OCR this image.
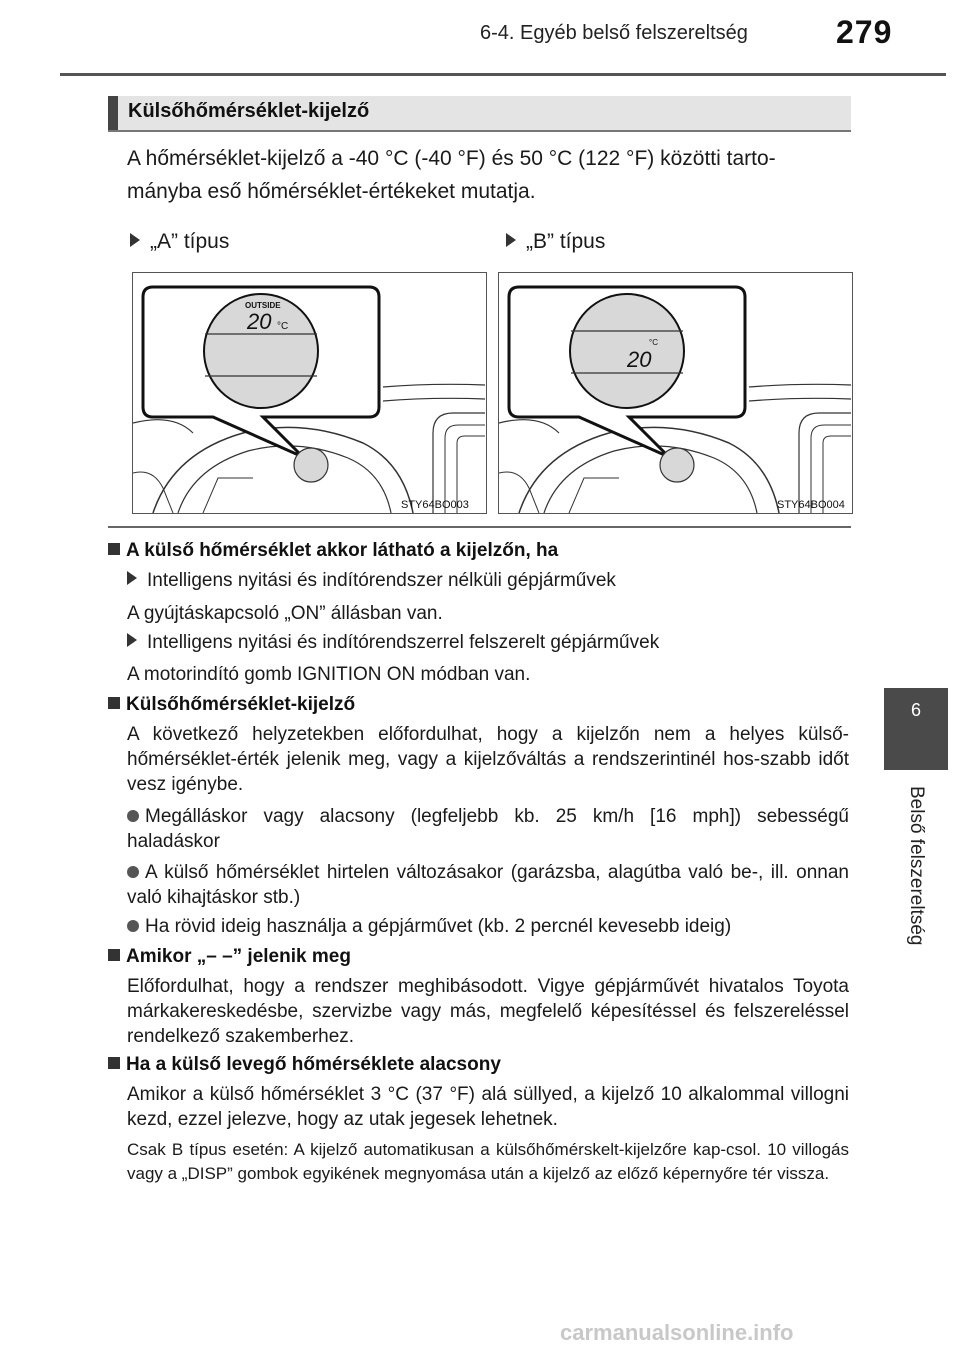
6-4. Egyéb belső felszereltség	279
6
Belső felszereltség
Külsőhőmérséklet-kijelző
A hőmérséklet-kijelző a -40 °C (-40 °F) és 50 °C (122 °F) közötti tarto-mányba eső hőmérséklet-értékeket mutatja.
„A” típus	„B” típus
OUTSIDE
20 °C
STY64BO003
20
°C
STY64BO004
A külső hőmérséklet akkor látható a kijelzőn, ha
Intelligens nyitási és indítórendszer nélküli gépjárművek
A gyújtáskapcsoló „ON” állásban van.
Intelligens nyitási és indítórendszerrel felszerelt gépjárművek
A motorindító gomb IGNITION ON módban van.
Külsőhőmérséklet-kijelző
A következő helyzetekben előfordulhat, hogy a kijelzőn nem a helyes külső-hőmérséklet-érték jelenik meg, vagy a kijelzőváltás a rendszerintinél hos-szabb időt vesz igénybe.
Megálláskor vagy alacsony (legfeljebb kb. 25 km/h [16 mph]) sebességű haladáskor
A külső hőmérséklet hirtelen változásakor (garázsba, alagútba való be-, ill. onnan való kihajtáskor stb.)
Ha rövid ideig használja a gépjárművet (kb. 2 percnél kevesebb ideig)
Amikor „– –” jelenik meg
Előfordulhat, hogy a rendszer meghibásodott. Vigye gépjárművét hivatalos Toyota márkakereskedésbe, szervizbe vagy más, megfelelő képesítéssel és felszereléssel rendelkező szakemberhez.
Ha a külső levegő hőmérséklete alacsony
Amikor a külső hőmérséklet 3 °C (37 °F) alá süllyed, a kijelző 10 alkalommal villogni kezd, ezzel jelezve, hogy az utak jegesek lehetnek.
Csak B típus esetén: A kijelző automatikusan a külsőhőmérskelt-kijelzőre kap-csol. 10 villogás vagy a „DISP” gombok egyikének megnyomása után a kijelző az előző képernyőre tér vissza.
carmanualsonline.info
